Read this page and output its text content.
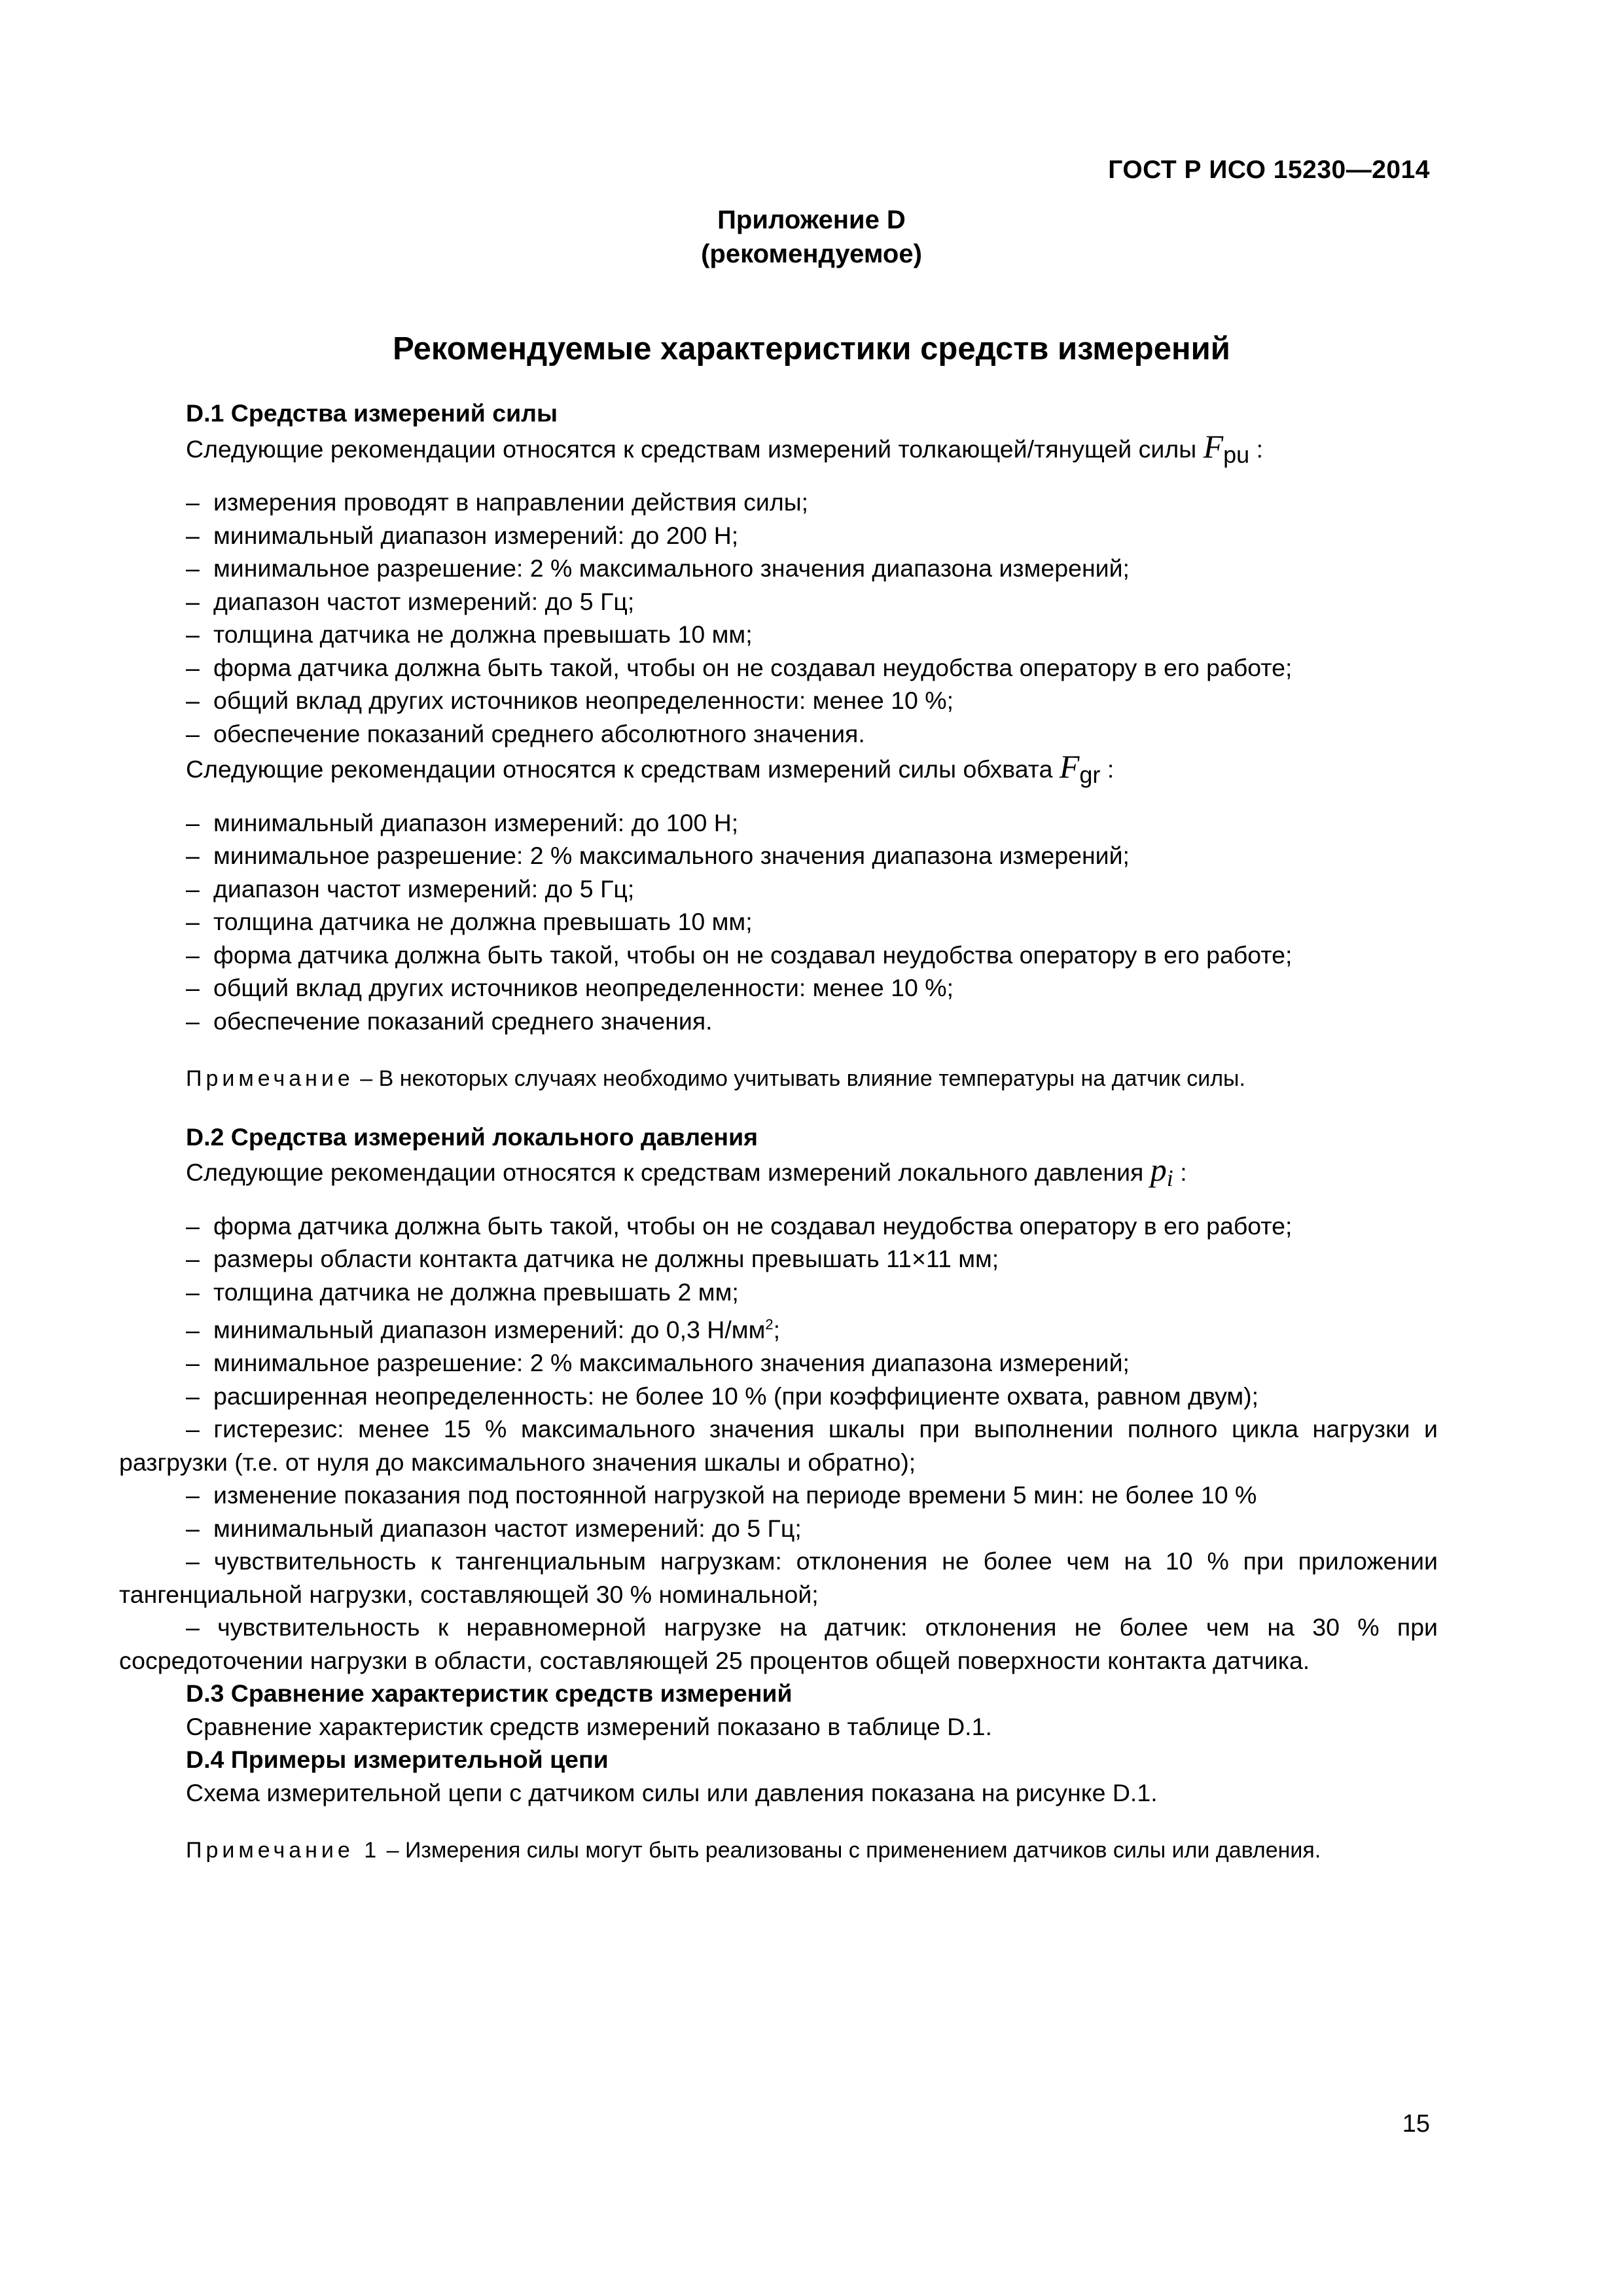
ГОСТ Р ИСО 15230—2014
Приложение D
(рекомендуемое)
Рекомендуемые характеристики средств измерений

D.1 Средства измерений силы

Следующие рекомендации относятся к средствам измерений толкающей/тянущей силы $F_{pu}$ :

– измерения проводят в направлении действия силы;

– минимальный диапазон измерений: до 200 Н;

– минимальное разрешение: 2 % максимального значения диапазона измерений;

– диапазон частот измерений: до 5 Гц;

– толщина датчика не должна превышать 10 мм;

– форма датчика должна быть такой, чтобы он не создавал неудобства оператору в его работе;

– общий вклад других источников неопределенности: менее 10 %;

– обеспечение показаний среднего абсолютного значения.

Следующие рекомендации относятся к средствам измерений силы обхвата $F_{gr}$ :

– минимальный диапазон измерений: до 100 Н;

– минимальное разрешение: 2 % максимального значения диапазона измерений;

– диапазон частот измерений: до 5 Гц;

– толщина датчика не должна превышать 10 мм;

– форма датчика должна быть такой, чтобы он не создавал неудобства оператору в его работе;

– общий вклад других источников неопределенности: менее 10 %;

– обеспечение показаний среднего значения.

Примечание – В некоторых случаях необходимо учитывать влияние температуры на датчик силы.

D.2 Средства измерений локального давления

Следующие рекомендации относятся к средствам измерений локального давления $p_i$ :

– форма датчика должна быть такой, чтобы он не создавал неудобства оператору в его работе;

– размеры области контакта датчика не должны превышать 11×11 мм;

– толщина датчика не должна превышать 2 мм;

– минимальный диапазон измерений: до 0,3 $Н/мм^2$;

– минимальное разрешение: 2 % максимального значения диапазона измерений;

– расширенная неопределенность: не более 10 % (при коэффициенте охвата, равном двум);

– гистерезис: менее 15 % максимального значения шкалы при выполнении полного цикла нагрузки и разгрузки (т.е. от нуля до максимального значения шкалы и обратно);

– изменение показания под постоянной нагрузкой на периоде времени 5 мин: не более 10 %

– минимальный диапазон частот измерений: до 5 Гц;

– чувствительность к тангенциальным нагрузкам: отклонения не более чем на 10 % при приложении тангенциальной нагрузки, составляющей 30 % номинальной;

– чувствительность к неравномерной нагрузке на датчик: отклонения не более чем на 30 % при сосредоточении нагрузки в области, составляющей 25 процентов общей поверхности контакта датчика.

D.3 Сравнение характеристик средств измерений

Сравнение характеристик средств измерений показано в таблице D.1.

D.4 Примеры измерительной цепи

Схема измерительной цепи с датчиком силы или давления показана на рисунке D.1.

Примечание 1 – Измерения силы могут быть реализованы с применением датчиков силы или давления.

15
